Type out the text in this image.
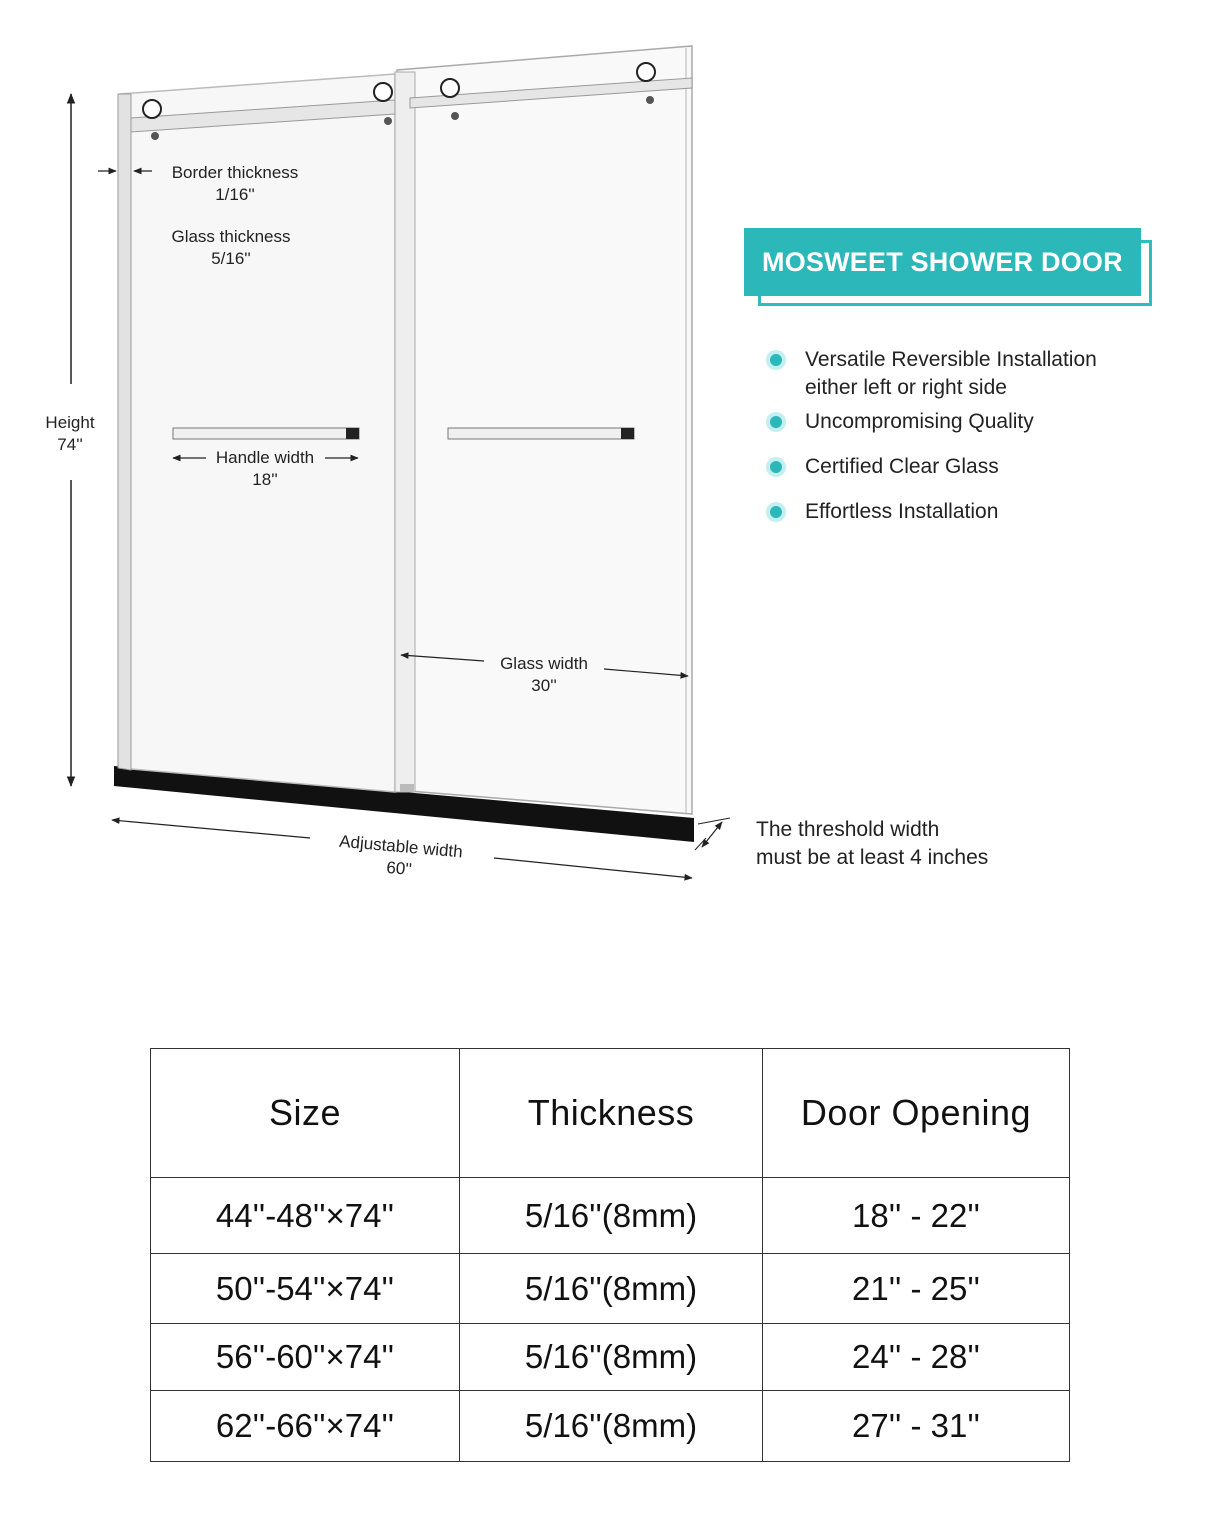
Border thickness
1/16''
Glass thickness
5/16''
Height
74''
Handle width
18''
Glass width
30''
Adjustable width
60''
MOSWEET SHOWER DOOR
Versatile Reversible Installation
either left or right side
Uncompromising Quality
Certified Clear Glass
Effortless Installation
The threshold width
must be at least 4 inches
Size	Thickness	Door Opening
44''-48''×74''	5/16''(8mm)	18'' - 22''
50''-54''×74''	5/16''(8mm)	21'' - 25''
56''-60''×74''	5/16''(8mm)	24'' - 28''
62''-66''×74''	5/16''(8mm)	27'' - 31''
